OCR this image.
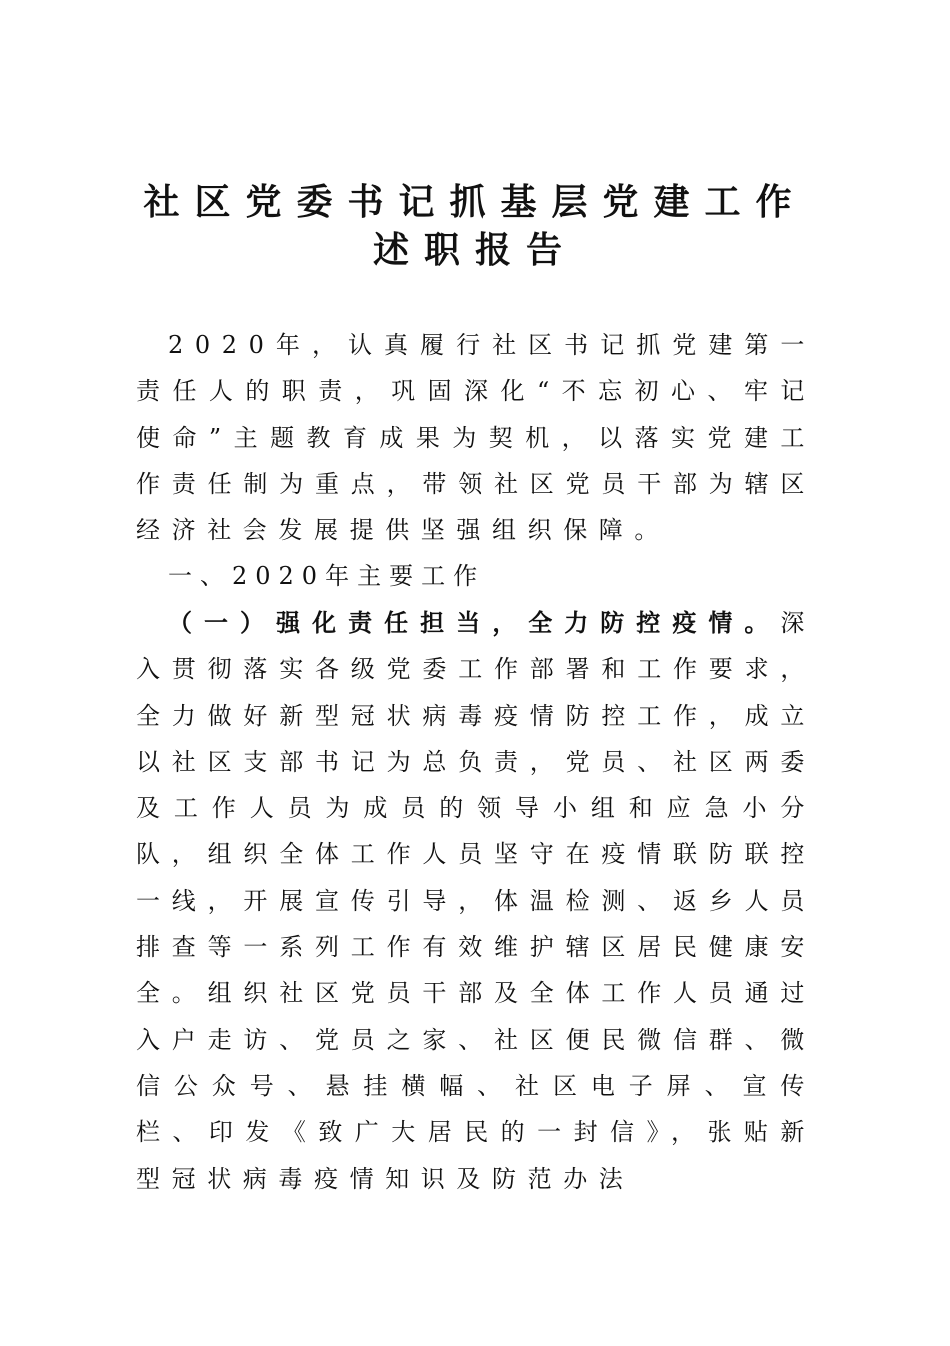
社区党委书记抓基层党建工作
述职报告
2020年，认真履行社区书记抓党建第一责任人的职责，巩固深化“不忘初心、牢记使命”主题教育成果为契机，以落实党建工作责任制为重点，带领社区党员干部为辖区经济社会发展提供坚强组织保障。
一、2020年主要工作
（一）强化责任担当，全力防控疫情。深入贯彻落实各级党委工作部署和工作要求，全力做好新型冠状病毒疫情防控工作，成立以社区支部书记为总负责，党员、社区两委及工作人员为成员的领导小组和应急小分队，组织全体工作人员坚守在疫情联防联控一线，开展宣传引导，体温检测、返乡人员排查等一系列工作有效维护辖区居民健康安全。组织社区党员干部及全体工作人员通过入户走访、党员之家、社区便民微信群、微信公众号、悬挂横幅、社区电子屏、宣传栏、印发《致广大居民的一封信》，张贴新型冠状病毒疫情知识及防范办法
